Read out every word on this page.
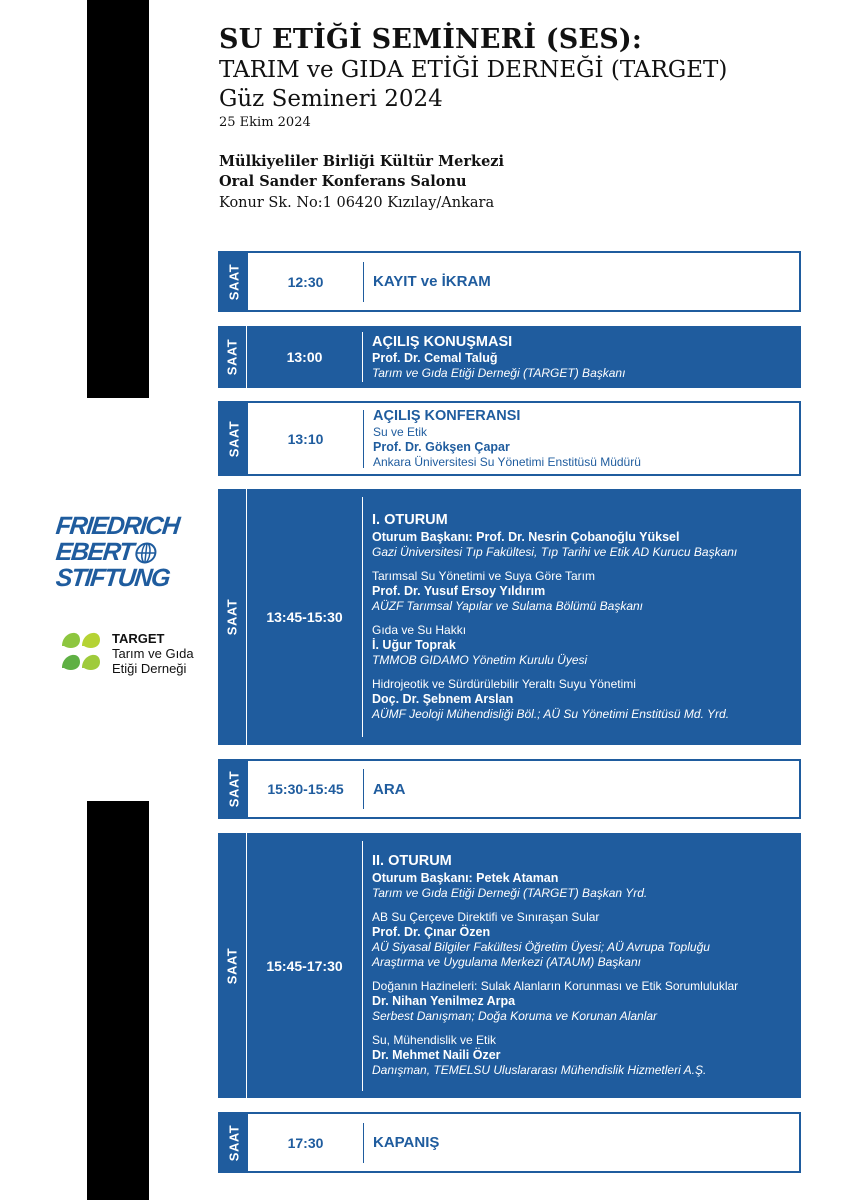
SU ETİĞİ SEMİNERİ (SES):
TARIM ve GIDA ETİĞİ DERNEĞİ (TARGET)
Güz Semineri 2024
25 Ekim 2024
Mülkiyeliler Birliği Kültür Merkezi
Oral Sander Konferans Salonu
Konur Sk. No:1 06420 Kızılay/Ankara
SAAT	12:30	KAYIT ve İKRAM
SAAT	13:00
AÇILIŞ KONUŞMASI
Prof. Dr. Cemal Taluğ
Tarım ve Gıda Etiği Derneği (TARGET) Başkanı
SAAT	13:10
AÇILIŞ KONFERANSI
Su ve Etik
Prof. Dr. Gökşen Çapar
Ankara Üniversitesi Su Yönetimi Enstitüsü Müdürü
SAAT	13:45-15:30
I. OTURUM
Oturum Başkanı: Prof. Dr. Nesrin Çobanoğlu Yüksel
Gazi Üniversitesi Tıp Fakültesi, Tıp Tarihi ve Etik AD Kurucu Başkanı
Tarımsal Su Yönetimi ve Suya Göre Tarım
Prof. Dr. Yusuf Ersoy Yıldırım
AÜZF Tarımsal Yapılar ve Sulama Bölümü Başkanı
Gıda ve Su Hakkı
İ. Uğur Toprak
TMMOB GIDAMO Yönetim Kurulu Üyesi
Hidrojeotik ve Sürdürülebilir Yeraltı Suyu Yönetimi
Doç. Dr. Şebnem Arslan
AÜMF Jeoloji Mühendisliği Böl.; AÜ Su Yönetimi Enstitüsü Md. Yrd.
SAAT	15:30-15:45	ARA
SAAT	15:45-17:30
II. OTURUM
Oturum Başkanı: Petek Ataman
Tarım ve Gıda Etiği Derneği (TARGET) Başkan Yrd.
AB Su Çerçeve Direktifi ve Sınıraşan Sular
Prof. Dr. Çınar Özen
AÜ Siyasal Bilgiler Fakültesi Öğretim Üyesi; AÜ Avrupa Topluğu
Araştırma ve Uygulama Merkezi (ATAUM) Başkanı
Doğanın Hazineleri: Sulak Alanların Korunması ve Etik Sorumluluklar
Dr. Nihan Yenilmez Arpa
Serbest Danışman; Doğa Koruma ve Korunan Alanlar
Su, Mühendislik ve Etik
Dr. Mehmet Naili Özer
Danışman, TEMELSU Uluslararası Mühendislik Hizmetleri A.Ş.
SAAT	17:30	KAPANIŞ
FRIEDRICH
EBERT
STIFTUNG
TARGET
Tarım ve Gıda
Etiği Derneği
